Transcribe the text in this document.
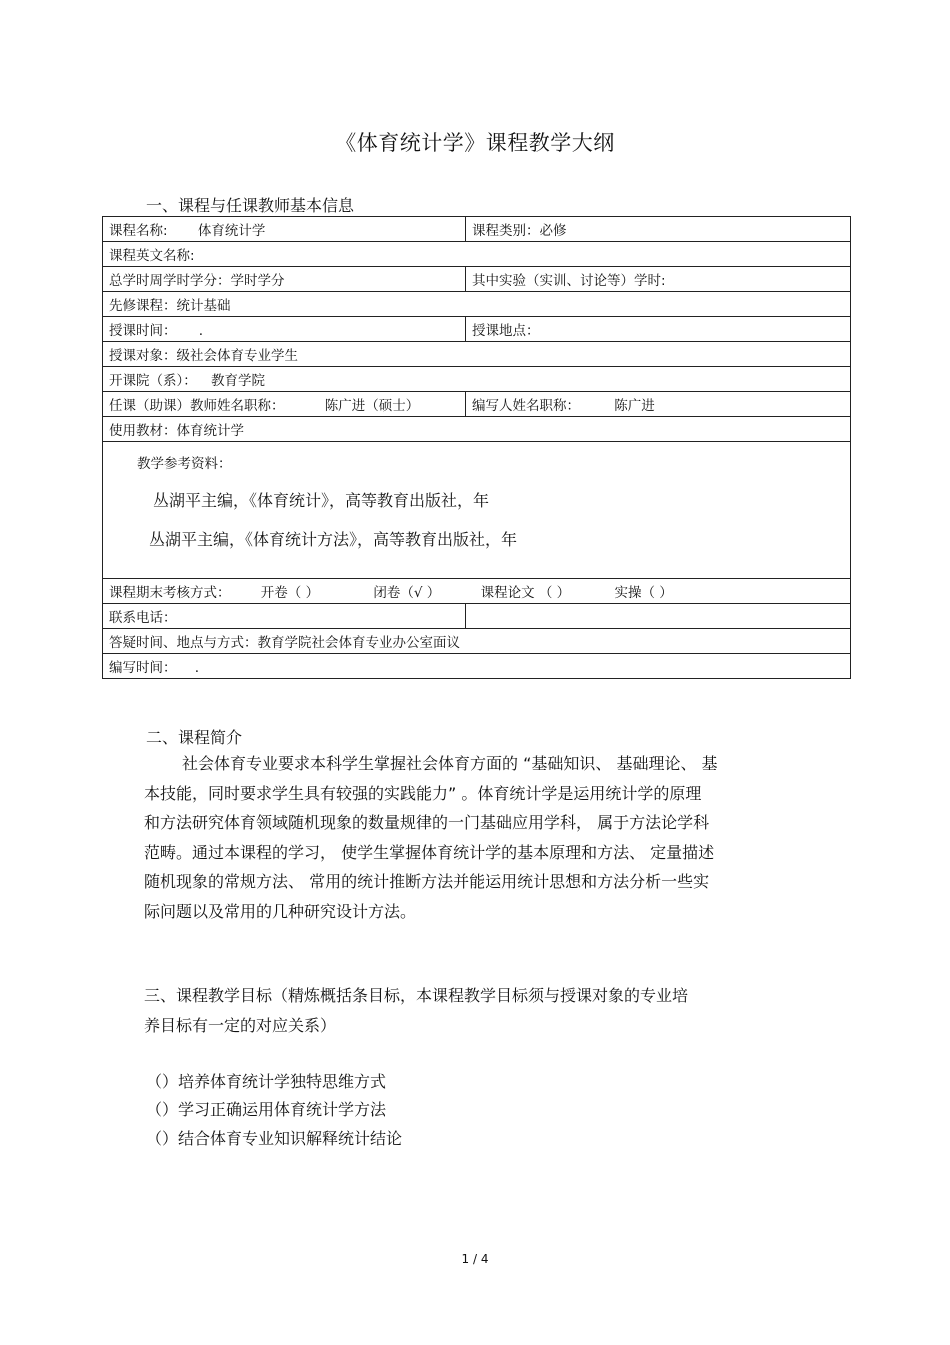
《体育统计学》课程教学大纲
一、课程与任课教师基本信息
课程名称: 体育统计学	课程类别：必修
课程英文名称:	
总学时周学时学分：学时学分	其中实验（实训、讨论等）学时:
先修课程：统计基础	
授课时间： .	授课地点：
授课对象：级社会体育专业学生	
开课院（系）： 教育学院	
任课（助课）教师姓名职称： 陈广进（硕士）	编写人姓名职称： 陈广进
使用教材：体育统计学	

教学参考资料：
丛湖平主编，《体育统计》，高等教育出版社，年
丛湖平主编，《体育统计方法》，高等教育出版社，年	

课程期末考核方式： 开卷（ ） 闭卷（√ ） 课程论文 （ ） 实操（ ）	
联系电话：	
答疑时间、地点与方式：教育学院社会体育专业办公室面议	
编写时间： .	
二、课程简介

社会体育专业要求本科学生掌握社会体育方面的 “基础知识、 基础理论、 基

本技能，同时要求学生具有较强的实践能力” 。体育统计学是运用统计学的原理

和方法研究体育领域随机现象的数量规律的一门基础应用学科， 属于方法论学科

范畴。通过本课程的学习， 使学生掌握体育统计学的基本原理和方法、 定量描述

随机现象的常规方法、 常用的统计推断方法并能运用统计思想和方法分析一些实

际问题以及常用的几种研究设计方法。

三、课程教学目标（精炼概括条目标，本课程教学目标须与授课对象的专业培

养目标有一定的对应关系）

（）培养体育统计学独特思维方式
（）学习正确运用体育统计学方法
（）结合体育专业知识解释统计结论
1 / 4
